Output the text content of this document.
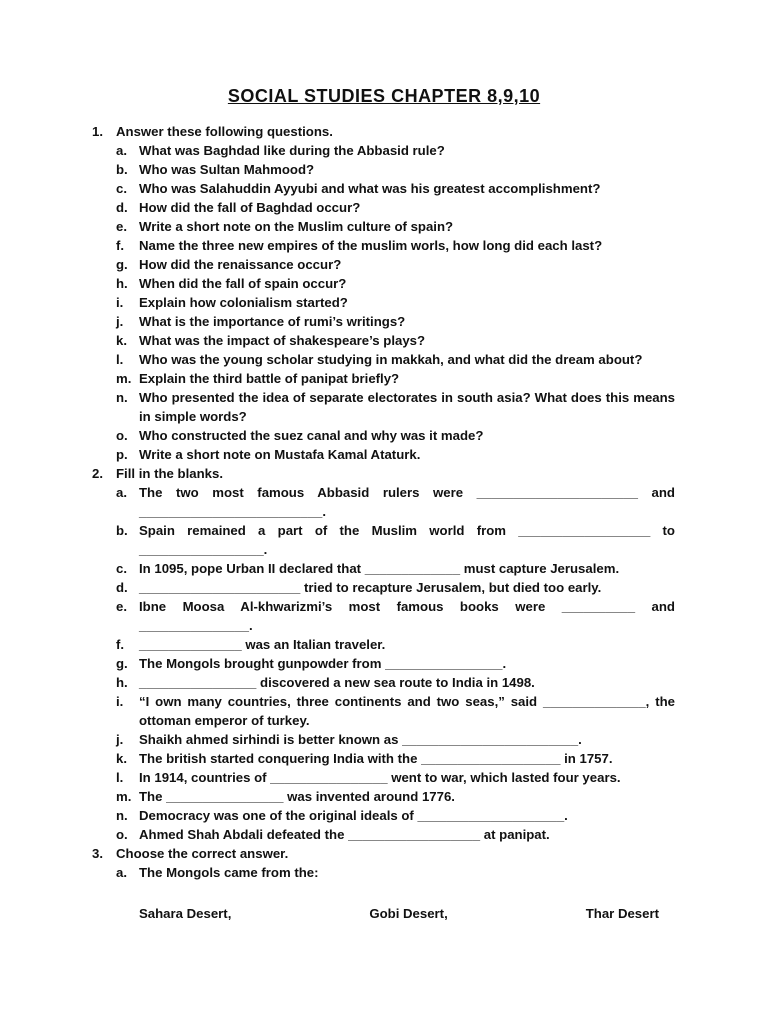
SOCIAL STUDIES CHAPTER 8,9,10
1. Answer these following questions.
a. What was Baghdad like during the Abbasid rule?
b. Who was Sultan Mahmood?
c. Who was Salahuddin Ayyubi and what was his greatest accomplishment?
d. How did the fall of Baghdad occur?
e. Write a short note on the Muslim culture of spain?
f. Name the three new empires of the muslim worls, how long did each last?
g. How did the renaissance occur?
h. When did the fall of spain occur?
i. Explain how colonialism started?
j. What is the importance of rumi’s writings?
k. What was the impact of shakespeare’s plays?
l. Who was the young scholar studying in makkah, and what did the dream about?
m. Explain the third battle of panipat briefly?
n. Who presented the idea of separate electorates in south asia? What does this means in simple words?
o. Who constructed the suez canal and why was it made?
p. Write a short note on Mustafa Kamal Ataturk.
2. Fill in the blanks.
a. The two most famous Abbasid rulers were ______________________ and _________________________.
b. Spain remained a part of the Muslim world from __________________ to _________________.
c. In 1095, pope Urban II declared that _____________ must capture Jerusalem.
d. ______________________ tried to recapture Jerusalem, but died too early.
e. Ibne Moosa Al-khwarizmi’s most famous books were __________ and _______________.
f. ______________ was an Italian traveler.
g. The Mongols brought gunpowder from ________________.
h. ________________ discovered a new sea route to India in 1498.
i. “I own many countries, three continents and two seas,” said ______________, the ottoman emperor of turkey.
j. Shaikh ahmed sirhindi is better known as ________________________.
k. The british started conquering India with the ___________________ in 1757.
l. In 1914, countries of ________________ went to war, which lasted four years.
m. The ________________ was invented around 1776.
n. Democracy was one of the original ideals of ____________________.
o. Ahmed Shah Abdali defeated the __________________ at panipat.
3. Choose the correct answer.
a. The Mongols came from the:
Sahara Desert,	Gobi Desert,	Thar Desert
